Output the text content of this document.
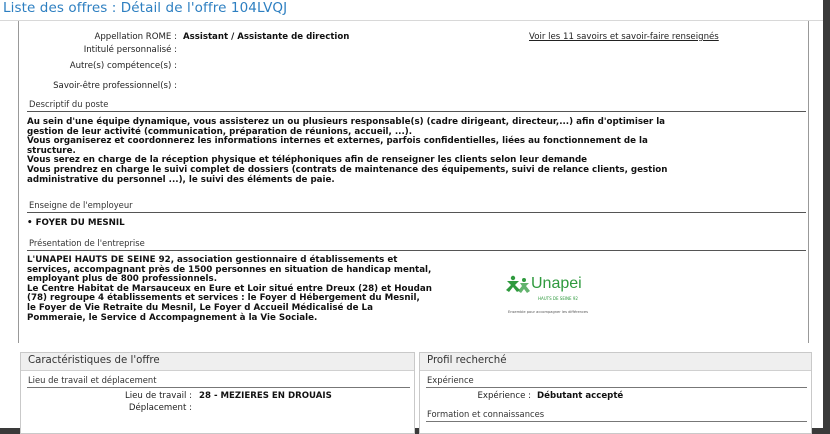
Liste des offres : Détail de l'offre 104LVQJ
Appellation ROME : Assistant / Assistante de direction	Voir les 11 savoirs et savoir-faire renseignés
Intitulé personnalisé :
Autre(s) compétence(s) :
Savoir-être professionnel(s) :
Descriptif du poste
Au sein d'une équipe dynamique, vous assisterez un ou plusieurs responsable(s) (cadre dirigeant, directeur,...) afin d'optimiser la
gestion de leur activité (communication, préparation de réunions, accueil, ...).
Vous organiserez et coordonnerez les informations internes et externes, parfois confidentielles, liées au fonctionnement de la
structure.
Vous serez en charge de la réception physique et téléphoniques afin de renseigner les clients selon leur demande
Vous prendrez en charge le suivi complet de dossiers (contrats de maintenance des équipements, suivi de relance clients, gestion
administrative du personnel ...), le suivi des éléments de paie.
Enseigne de l'employeur
• FOYER DU MESNIL
Présentation de l'entreprise
L'UNAPEI HAUTS DE SEINE 92, association gestionnaire d établissements et
services, accompagnant près de 1500 personnes en situation de handicap mental,
employant plus de 800 professionnels.
Le Centre Habitat de Marsauceux en Eure et Loir situé entre Dreux (28) et Houdan
(78) regroupe 4 établissements et services : le Foyer d Hébergement du Mesnil,
le Foyer de Vie Retraite du Mesnil, Le Foyer d Accueil Médicalisé de La
Pommeraie, le Service d Accompagnement à la Vie Sociale.
Unapei
HAUTS DE SEINE 92
Ensemble pour accompagner les différences
Caractéristiques de l'offre
Lieu de travail et déplacement
Lieu de travail : 28 - MEZIERES EN DROUAIS
Déplacement :
Profil recherché
Expérience
Expérience : Débutant accepté
Formation et connaissances
